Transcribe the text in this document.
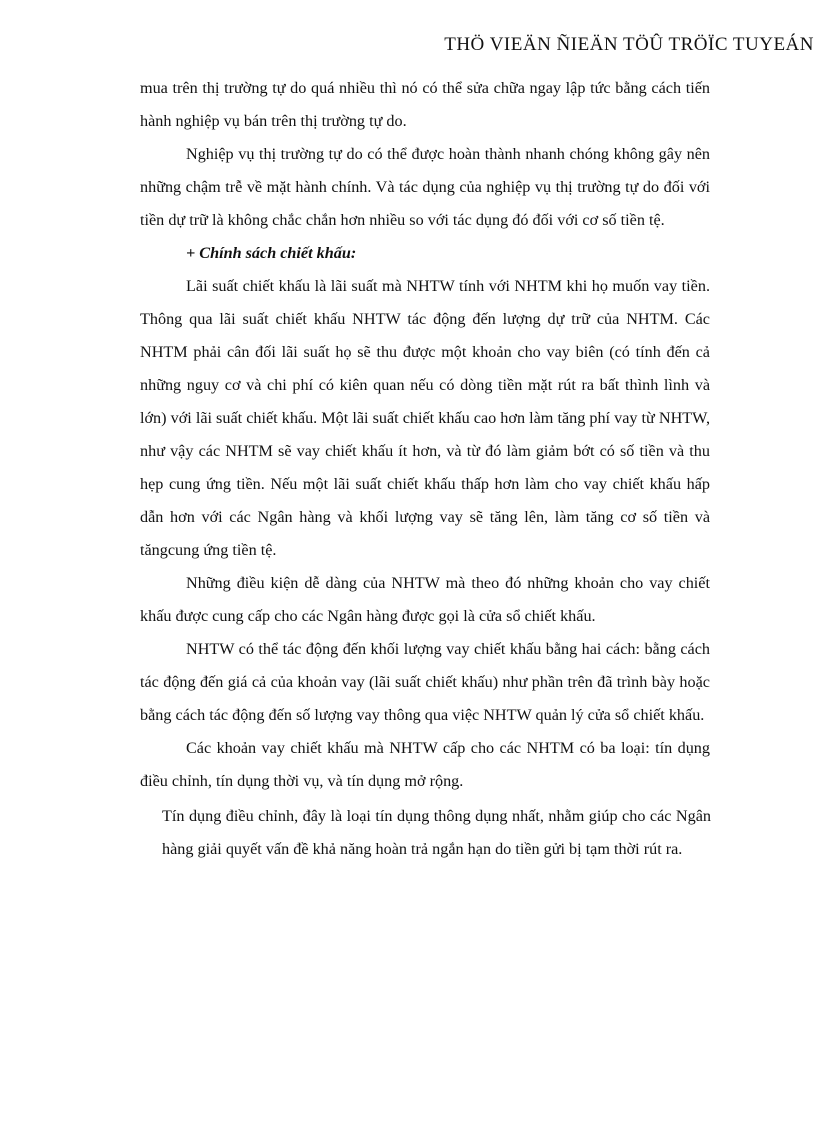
THÖ VIEÄN ÑIEÄN TÖÛ TRÖÏC TUYEÁN

mua trên thị trường tự do quá nhiều thì nó có thể sửa chữa ngay lập tức bằng cách tiến hành nghiệp vụ bán trên thị trường tự do.

Nghiệp vụ thị trường tự do có thể được hoàn thành nhanh chóng không gây nên những chậm trễ về mặt hành chính. Và tác dụng của nghiệp vụ thị trường tự do đối với tiền dự trữ là không chắc chắn hơn nhiều so với tác dụng đó đối với cơ số tiền tệ.

+ Chính sách chiết khấu:

Lãi suất chiết khấu là lãi suất mà NHTW tính với NHTM khi họ muốn vay tiền. Thông qua lãi suất chiết khấu NHTW tác động đến lượng dự trữ của NHTM. Các NHTM phải cân đối lãi suất họ sẽ thu được một khoản cho vay biên (có tính đến cả những nguy cơ và chi phí có kiên quan nếu có dòng tiền mặt rút ra bất thình lình và lớn) với lãi suất chiết khấu. Một lãi suất chiết khấu cao hơn làm tăng phí vay từ NHTW, như vậy các NHTM sẽ vay chiết khấu ít hơn, và từ đó làm giảm bớt có số tiền và thu hẹp cung ứng tiền. Nếu một lãi suất chiết khấu thấp hơn làm cho vay chiết khấu hấp dẫn hơn với các Ngân hàng và khối lượng vay sẽ tăng lên, làm tăng cơ số tiền và tăngcung ứng tiền tệ.

Những điều kiện dễ dàng của NHTW mà theo đó những khoản cho vay chiết khấu được cung cấp cho các Ngân hàng được gọi là cửa sổ chiết khấu.

NHTW có thể tác động đến khối lượng vay chiết khấu bằng hai cách: bằng cách tác động đến giá cả của khoản vay (lãi suất chiết khấu) như phần trên đã trình bày hoặc bằng cách tác động đến số lượng vay thông qua việc NHTW quản lý cửa sổ chiết khấu.

Các khoản vay chiết khấu mà NHTW cấp cho các NHTM có ba loại: tín dụng điều chỉnh, tín dụng thời vụ, và tín dụng mở rộng.

Tín dụng điều chỉnh, đây là loại tín dụng thông dụng nhất, nhằm giúp cho các Ngân hàng giải quyết vấn đề khả năng hoàn trả ngắn hạn do tiền gửi bị tạm thời rút ra.
